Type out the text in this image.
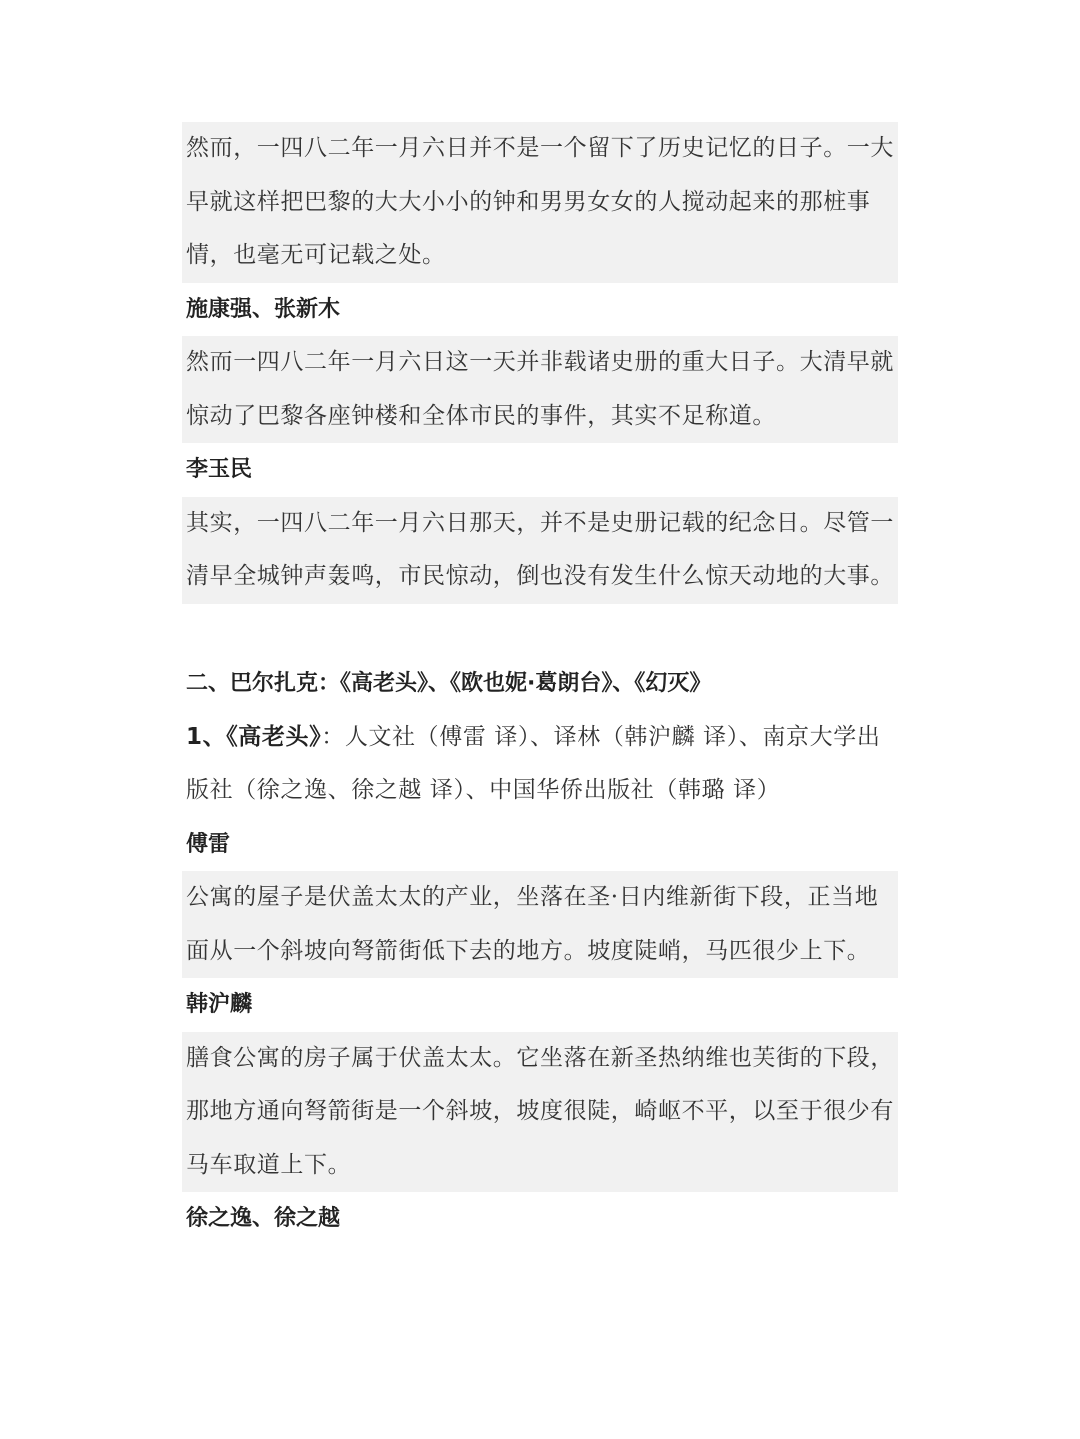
然而，一四八二年一月六日并不是一个留下了历史记忆的日子。一大早就这样把巴黎的大大小小的钟和男男女女的人搅动起来的那桩事情，也毫无可记载之处。
施康强、张新木
然而一四八二年一月六日这一天并非载诸史册的重大日子。大清早就惊动了巴黎各座钟楼和全体市民的事件，其实不足称道。
李玉民
其实，一四八二年一月六日那天，并不是史册记载的纪念日。尽管一清早全城钟声轰鸣，市民惊动，倒也没有发生什么惊天动地的大事。
二、巴尔扎克：《高老头》、《欧也妮·葛朗台》、《幻灭》
1、《高老头》：人文社（傅雷 译）、译林（韩沪麟 译）、南京大学出版社（徐之逸、徐之越 译）、中国华侨出版社（韩璐 译）
傅雷
公寓的屋子是伏盖太太的产业，坐落在圣·日内维新街下段，正当地面从一个斜坡向弩箭街低下去的地方。坡度陡峭，马匹很少上下。
韩沪麟
膳食公寓的房子属于伏盖太太。它坐落在新圣热纳维也芙街的下段，那地方通向弩箭街是一个斜坡，坡度很陡，崎岖不平，以至于很少有马车取道上下。
徐之逸、徐之越
